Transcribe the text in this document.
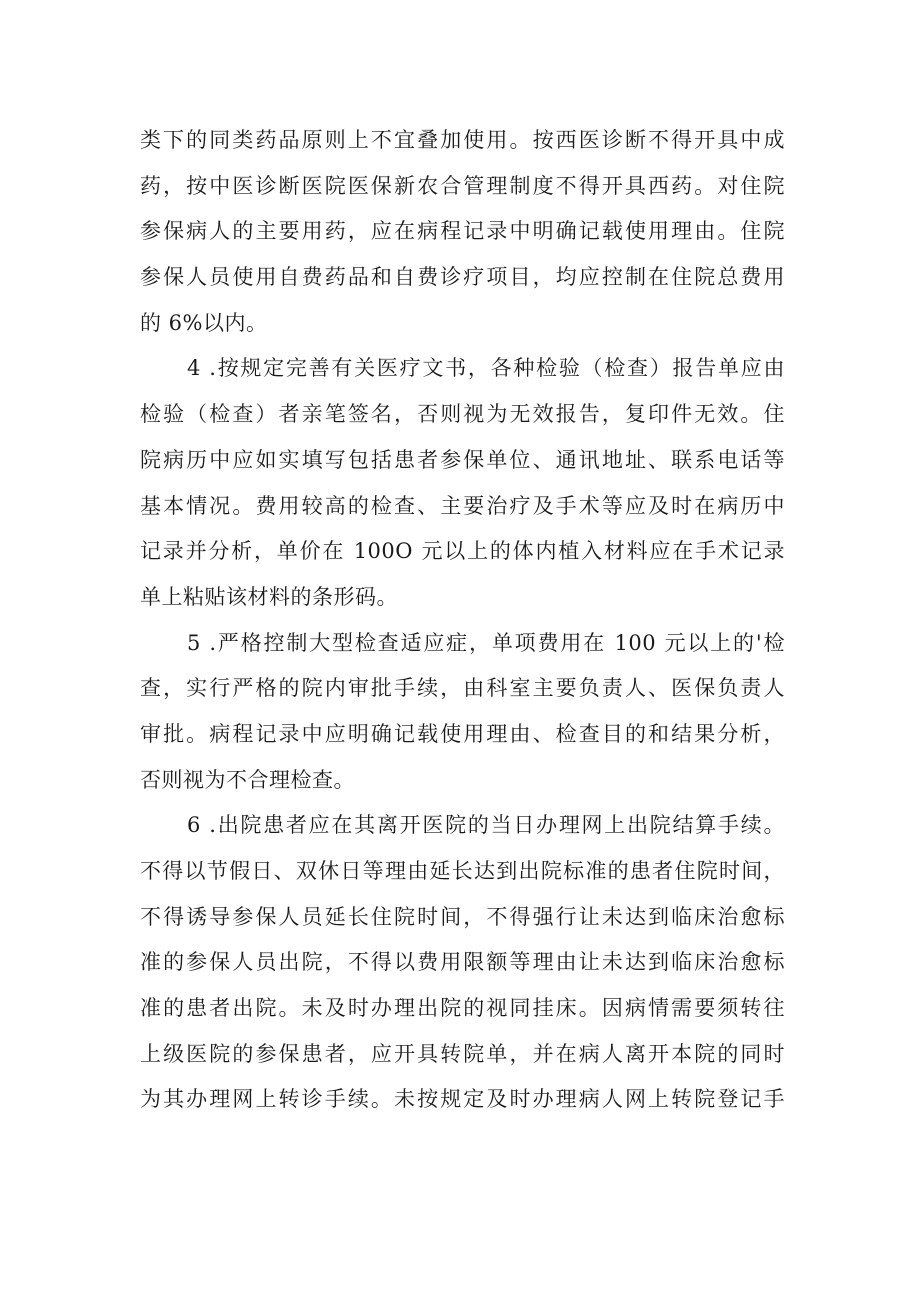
类下的同类药品原则上不宜叠加使用。按西医诊断不得开具中成
药，按中医诊断医院医保新农合管理制度不得开具西药。对住院
参保病人的主要用药，应在病程记录中明确记载使用理由。住院
参保人员使用自费药品和自费诊疗项目，均应控制在住院总费用
的 6%以内。
4 .按规定完善有关医疗文书，各种检验（检查）报告单应由
检验（检查）者亲笔签名，否则视为无效报告，复印件无效。住
院病历中应如实填写包括患者参保单位、通讯地址、联系电话等
基本情况。费用较高的检查、主要治疗及手术等应及时在病历中
记录并分析，单价在 100O 元以上的体内植入材料应在手术记录
单上粘贴该材料的条形码。
5 .严格控制大型检查适应症，单项费用在 100 元以上的'检
查，实行严格的院内审批手续，由科室主要负责人、医保负责人
审批。病程记录中应明确记载使用理由、检查目的和结果分析，
否则视为不合理检查。
6 .出院患者应在其离开医院的当日办理网上出院结算手续。
不得以节假日、双休日等理由延长达到出院标准的患者住院时间，
不得诱导参保人员延长住院时间，不得强行让未达到临床治愈标
准的参保人员出院，不得以费用限额等理由让未达到临床治愈标
准的患者出院。未及时办理出院的视同挂床。因病情需要须转往
上级医院的参保患者，应开具转院单，并在病人离开本院的同时
为其办理网上转诊手续。未按规定及时办理病人网上转院登记手
